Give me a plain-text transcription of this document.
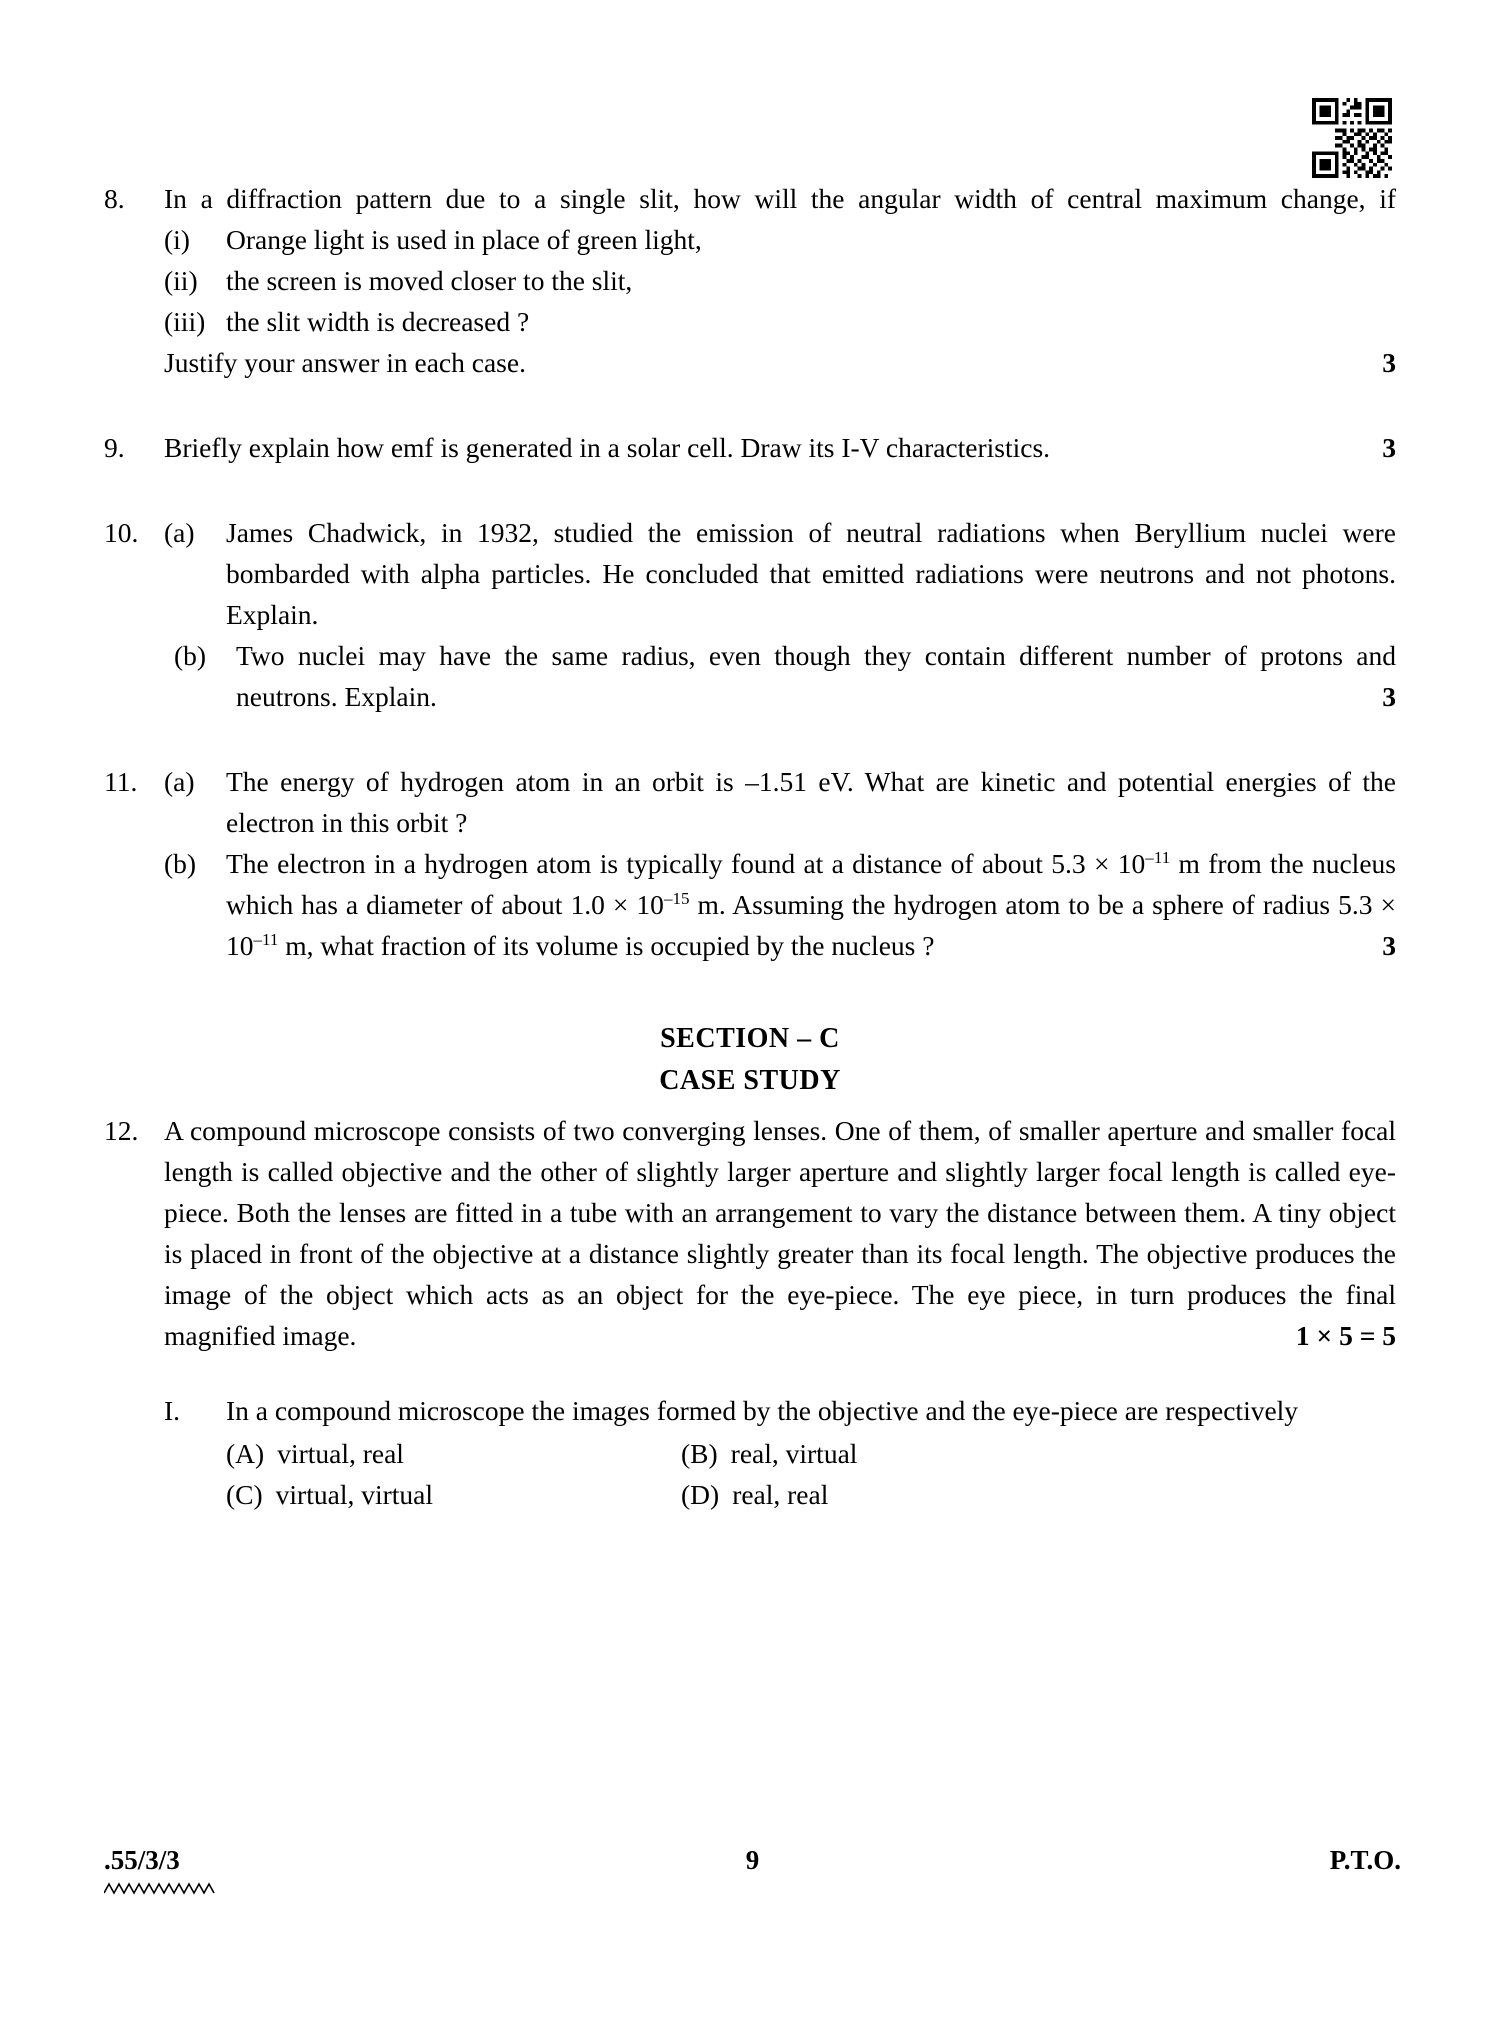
8.	In a diffraction pattern due to a single slit, how will the angular width of central maximum change, if
(i)	Orange light is used in place of green light,
(ii)	the screen is moved closer to the slit,
(iii) the slit width is decreased ?
Justify your answer in each case.	3
9.	Briefly explain how emf is generated in a solar cell. Draw its I-V characteristics.	3
10. (a)	James Chadwick, in 1932, studied the emission of neutral radiations when Beryllium nuclei were bombarded with alpha particles. He concluded that emitted radiations were neutrons and not photons. Explain.
(b)	Two nuclei may have the same radius, even though they contain different number of protons and neutrons. Explain.	3
11. (a)	The energy of hydrogen atom in an orbit is –1.51 eV. What are kinetic and potential energies of the electron in this orbit ?
(b)	The electron in a hydrogen atom is typically found at a distance of about $5.3 \times 10^{-11}$ m from the nucleus which has a diameter of about $1.0 \times 10^{-15}$ m. Assuming the hydrogen atom to be a sphere of radius $5.3 \times 10^{-11}$ m, what fraction of its volume is occupied by the nucleus ?	3
SECTION – C
CASE STUDY
12. A compound microscope consists of two converging lenses. One of them, of smaller aperture and smaller focal length is called objective and the other of slightly larger aperture and slightly larger focal length is called eye-piece. Both the lenses are fitted in a tube with an arrangement to vary the distance between them. A tiny object is placed in front of the objective at a distance slightly greater than its focal length. The objective produces the image of the object which acts as an object for the eye-piece. The eye piece, in turn produces the final magnified image.	1 × 5 = 5
I.	In a compound microscope the images formed by the objective and the eye-piece are respectively
(A) virtual, real	(B) real, virtual
(C) virtual, virtual	(D) real, real
.55/3/3	9	P.T.O.
